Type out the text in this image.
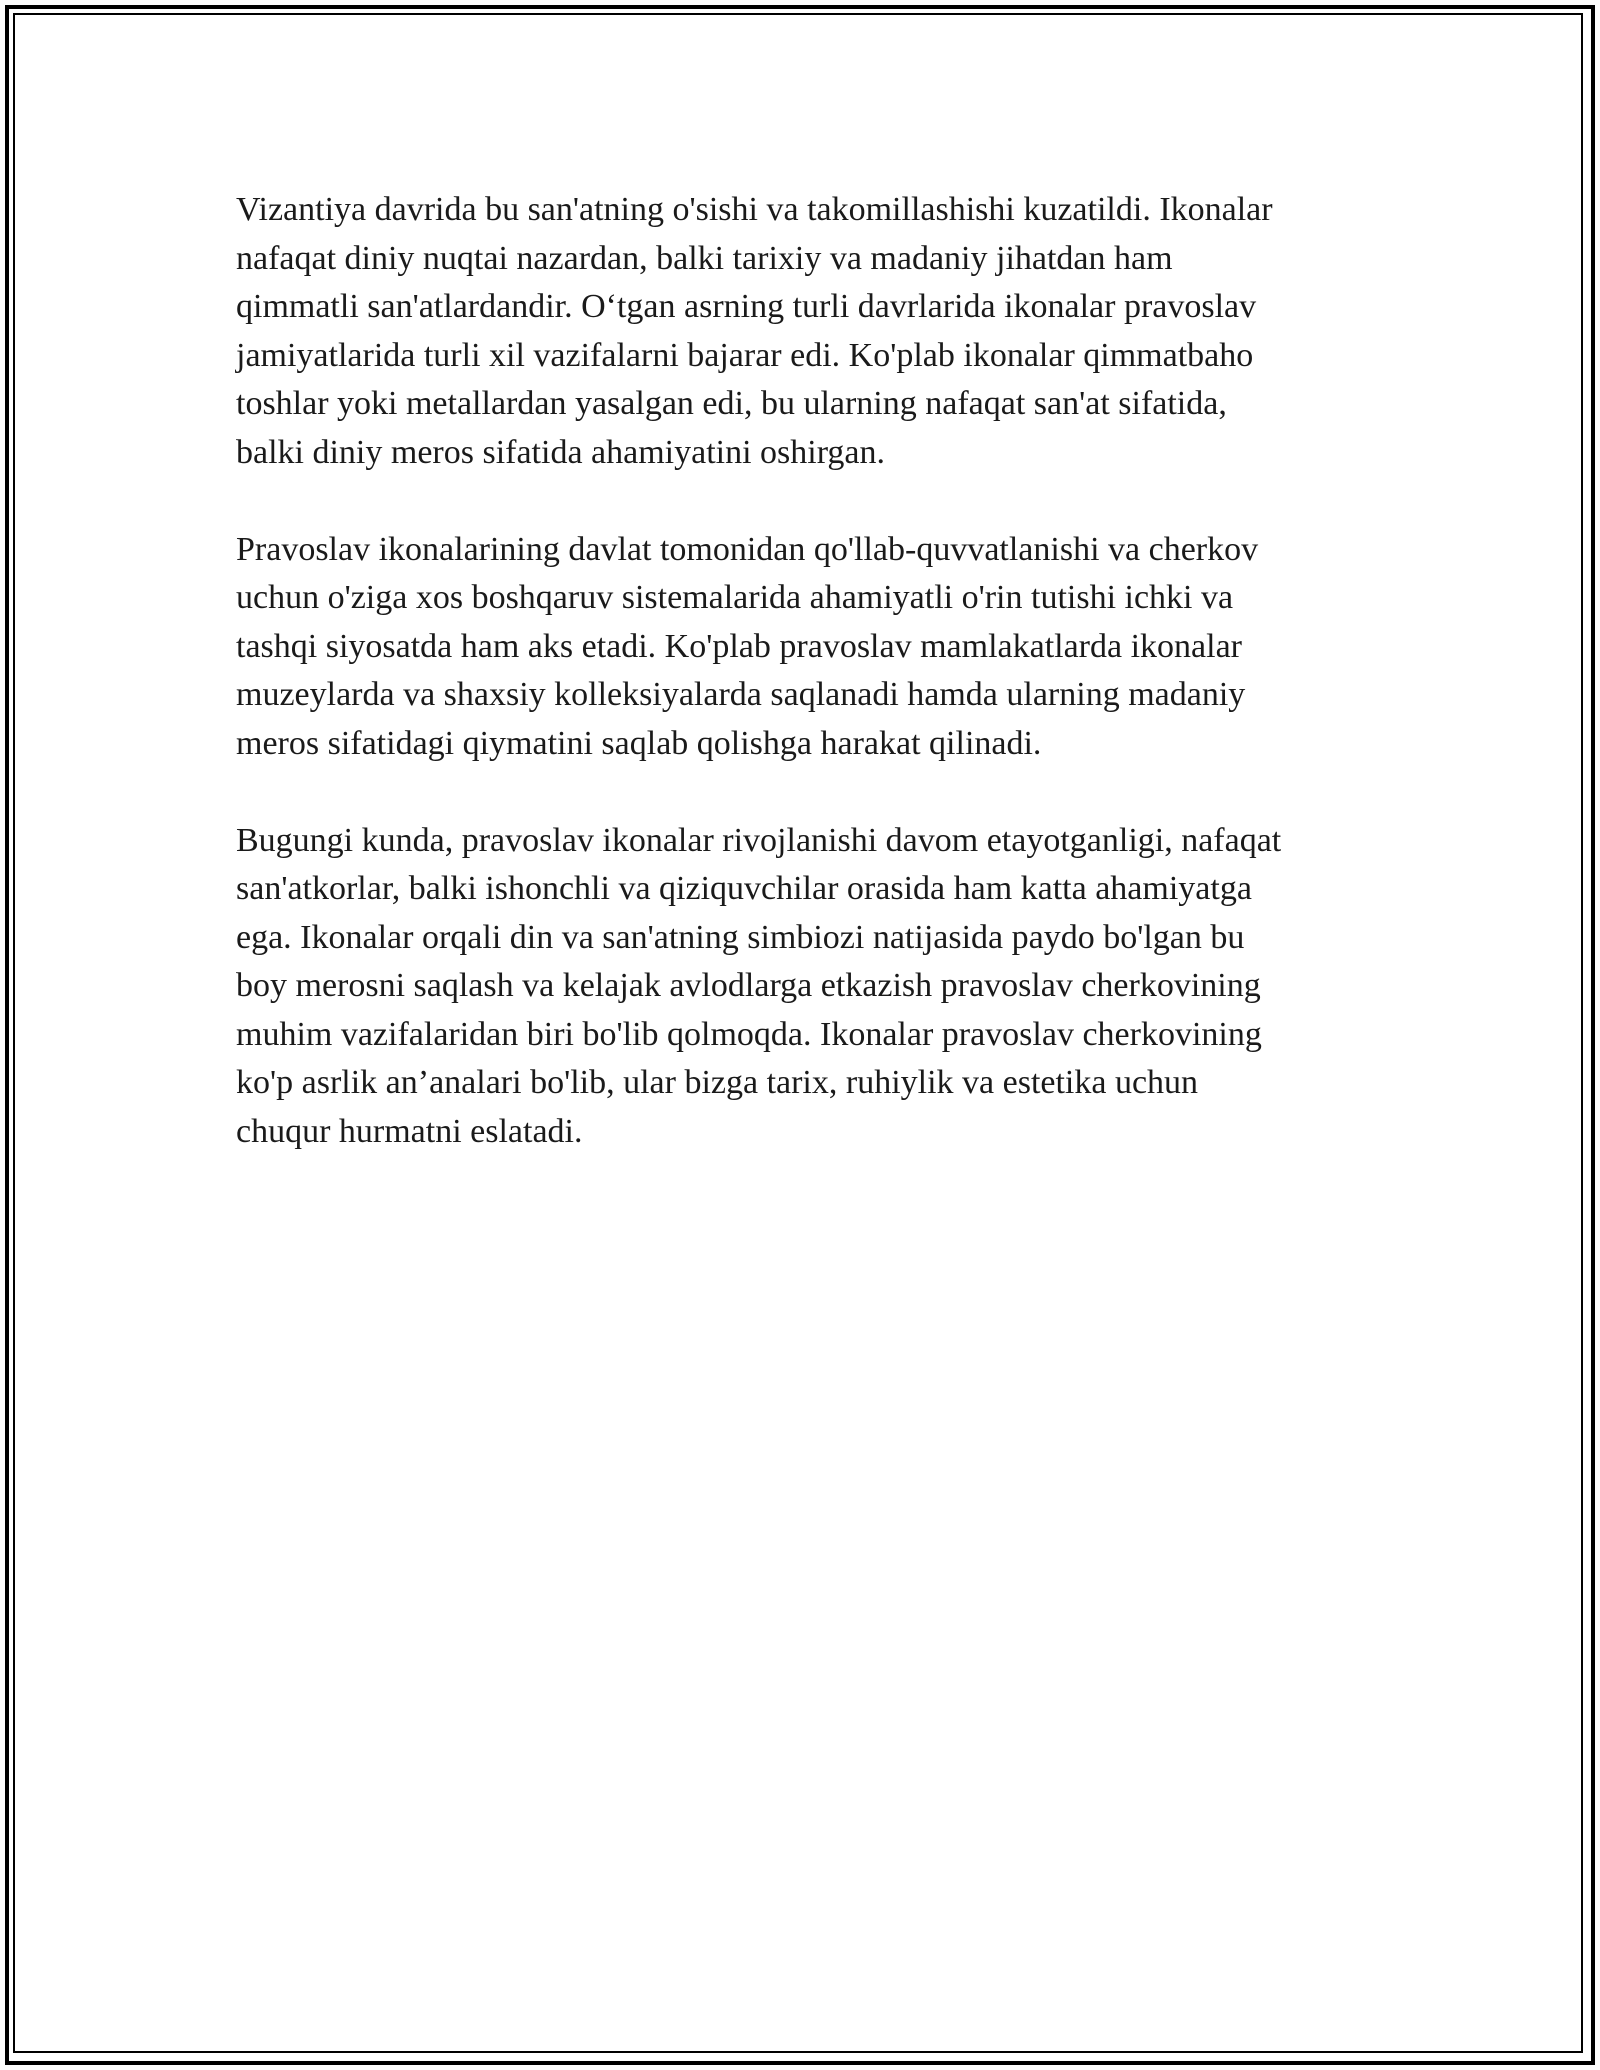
Vizantiya davrida bu san'atning o'sishi va takomillashishi kuzatildi. Ikonalar
nafaqat diniy nuqtai nazardan, balki tarixiy va madaniy jihatdan ham
qimmatli san'atlardandir. O‘tgan asrning turli davrlarida ikonalar pravoslav
jamiyatlarida turli xil vazifalarni bajarar edi. Ko'plab ikonalar qimmatbaho
toshlar yoki metallardan yasalgan edi, bu ularning nafaqat san'at sifatida,
balki diniy meros sifatida ahamiyatini oshirgan.

Pravoslav ikonalarining davlat tomonidan qo'llab-quvvatlanishi va cherkov
uchun o'ziga xos boshqaruv sistemalarida ahamiyatli o'rin tutishi ichki va
tashqi siyosatda ham aks etadi. Ko'plab pravoslav mamlakatlarda ikonalar
muzeylarda va shaxsiy kolleksiyalarda saqlanadi hamda ularning madaniy
meros sifatidagi qiymatini saqlab qolishga harakat qilinadi.

Bugungi kunda, pravoslav ikonalar rivojlanishi davom etayotganligi, nafaqat
san'atkorlar, balki ishonchli va qiziquvchilar orasida ham katta ahamiyatga
ega. Ikonalar orqali din va san'atning simbiozi natijasida paydo bo'lgan bu
boy merosni saqlash va kelajak avlodlarga etkazish pravoslav cherkovining
muhim vazifalaridan biri bo'lib qolmoqda. Ikonalar pravoslav cherkovining
ko'p asrlik an’analari bo'lib, ular bizga tarix, ruhiylik va estetika uchun
chuqur hurmatni eslatadi.
